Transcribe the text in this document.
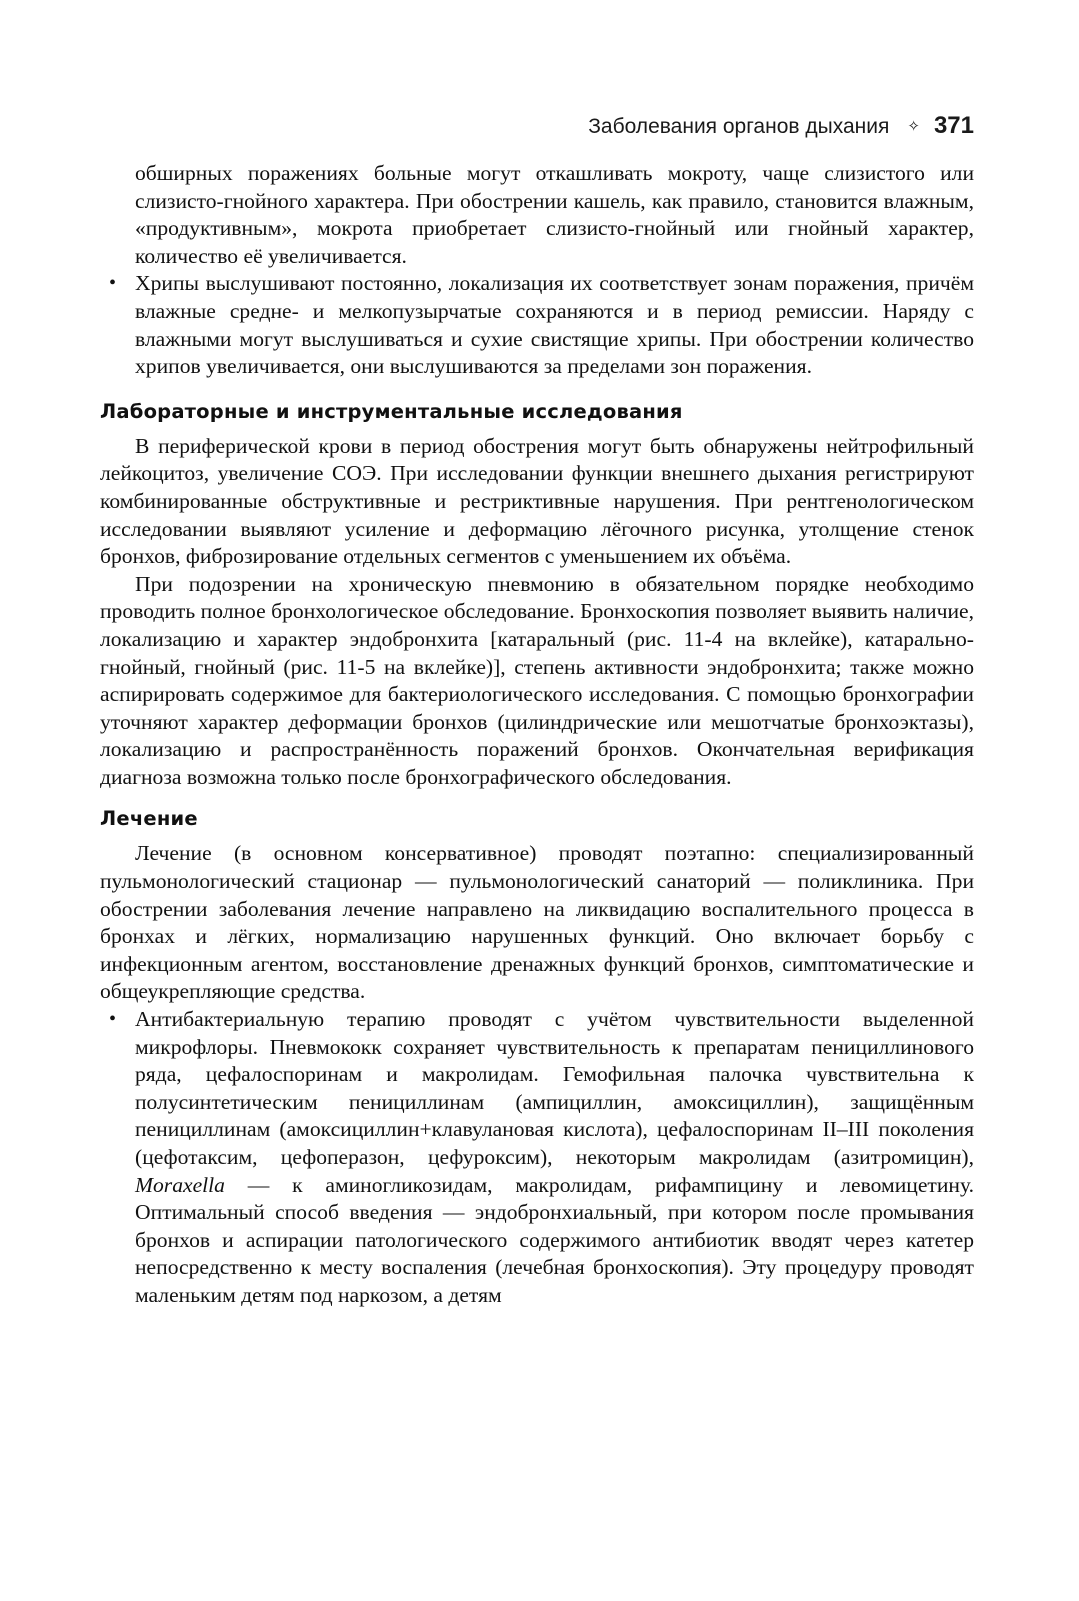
Заболевания органов дыхания ✧ 371

обширных поражениях больные могут откашливать мокроту, чаще слизистого или слизисто-гнойного характера. При обострении кашель, как правило, становится влажным, «продуктивным», мокрота приобретает слизисто-гнойный или гнойный характер, количество её увеличивается.

• Хрипы выслушивают постоянно, локализация их соответствует зонам поражения, причём влажные средне- и мелкопузырчатые сохраняются и в период ремиссии. Наряду с влажными могут выслушиваться и сухие свистящие хрипы. При обострении количество хрипов увеличивается, они выслушиваются за пределами зон поражения.

Лабораторные и инструментальные исследования

В периферической крови в период обострения могут быть обнаружены нейтрофильный лейкоцитоз, увеличение СОЭ. При исследовании функции внешнего дыхания регистрируют комбинированные обструктивные и рестриктивные нарушения. При рентгенологическом исследовании выявляют усиление и деформацию лёгочного рисунка, утолщение стенок бронхов, фиброзирование отдельных сегментов с уменьшением их объёма.

При подозрении на хроническую пневмонию в обязательном порядке необходимо проводить полное бронхологическое обследование. Бронхоскопия позволяет выявить наличие, локализацию и характер эндобронхита [катаральный (рис. 11-4 на вклейке), катарально-гнойный, гнойный (рис. 11-5 на вклейке)], степень активности эндобронхита; также можно аспирировать содержимое для бактериологического исследования. С помощью бронхографии уточняют характер деформации бронхов (цилиндрические или мешотчатые бронхоэктазы), локализацию и распространённость поражений бронхов. Окончательная верификация диагноза возможна только после бронхографического обследования.

Лечение

Лечение (в основном консервативное) проводят поэтапно: специализированный пульмонологический стационар — пульмонологический санаторий — поликлиника. При обострении заболевания лечение направлено на ликвидацию воспалительного процесса в бронхах и лёгких, нормализацию нарушенных функций. Оно включает борьбу с инфекционным агентом, восстановление дренажных функций бронхов, симптоматические и общеукрепляющие средства.

• Антибактериальную терапию проводят с учётом чувствительности выделенной микрофлоры. Пневмококк сохраняет чувствительность к препаратам пенициллинового ряда, цефалоспоринам и макролидам. Гемофильная палочка чувствительна к полусинтетическим пенициллинам (ампициллин, амоксициллин), защищённым пенициллинам (амоксициллин+клавулановая кислота), цефалоспоринам II–III поколения (цефотаксим, цефоперазон, цефуроксим), некоторым макролидам (азитромицин), Moraxella — к аминогликозидам, макролидам, рифампицину и левомицетину. Оптимальный способ введения — эндобронхиальный, при котором после промывания бронхов и аспирации патологического содержимого антибиотик вводят через катетер непосредственно к месту воспаления (лечебная бронхоскопия). Эту процедуру проводят маленьким детям под наркозом, а детям
